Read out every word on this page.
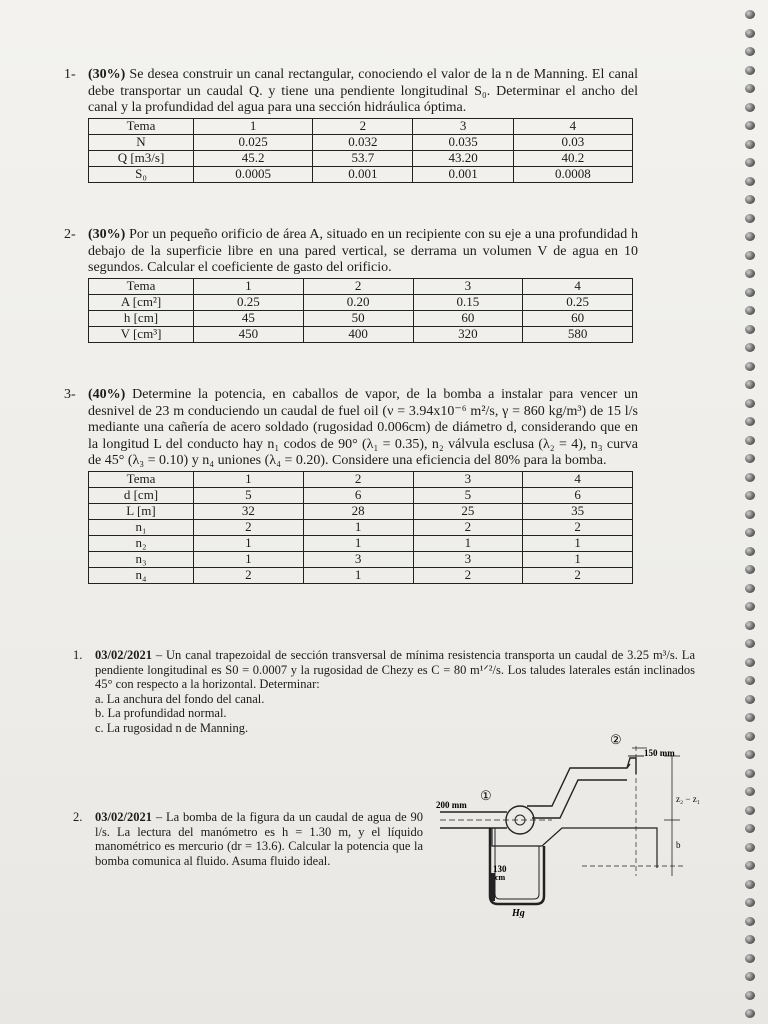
1- (30%) Se desea construir un canal rectangular, conociendo el valor de la n de Manning. El canal debe transportar un caudal Q. y tiene una pendiente longitudinal S₀. Determinar el ancho del canal y la profundidad del agua para una sección hidráulica óptima.

Tema	1	2	3	4
N	0.025	0.032	0.035	0.03
Q [m3/s]	45.2	53.7	43.20	40.2
S₀	0.0005	0.001	0.001	0.0008
2- (30%) Por un pequeño orificio de área A, situado en un recipiente con su eje a una profundidad h debajo de la superficie libre en una pared vertical, se derrama un volumen V de agua en 10 segundos. Calcular el coeficiente de gasto del orificio.

Tema	1	2	3	4
A [cm²]	0.25	0.20	0.15	0.25
h [cm]	45	50	60	60
V [cm³]	450	400	320	580
3- (40%) Determine la potencia, en caballos de vapor, de la bomba a instalar para vencer un desnivel de 23 m conduciendo un caudal de fuel oil (ν = 3.94x10⁻⁶ m²/s, γ = 860 kg/m³) de 15 l/s mediante una cañería de acero soldado (rugosidad 0.006cm) de diámetro d, considerando que en la longitud L del conducto hay n₁ codos de 90° (λ₁ = 0.35), n₂ válvula esclusa (λ₂ = 4), n₃ curva de 45° (λ₃ = 0.10) y n₄ uniones (λ₄ = 0.20). Considere una eficiencia del 80% para la bomba.

Tema	1	2	3	4
d [cm]	5	6	5	6
L [m]	32	28	25	35
n₁	2	1	2	2
n₂	1	1	1	1
n₃	1	3	3	1
n₄	2	1	2	2
1. 03/02/2021 – Un canal trapezoidal de sección transversal de mínima resistencia transporta un caudal de 3.25 m³/s. La pendiente longitudinal es S0 = 0.0007 y la rugosidad de Chezy es C = 80 m¹ᐟ²/s. Los taludes laterales están inclinados 45° con respecto a la horizontal. Determinar:
a. La anchura del fondo del canal.
b. La profundidad normal.
c. La rugosidad n de Manning.
2. 03/02/2021 – La bomba de la figura da un caudal de agua de 90 l/s. La lectura del manómetro es h = 1.30 m, y el líquido manométrico es mercurio (dr = 13.6). Calcular la potencia que la bomba comunica al fluido. Asuma fluido ideal.
200 mm
150 mm
①
②
z₂ − z₁
b
130
cm
Hg
